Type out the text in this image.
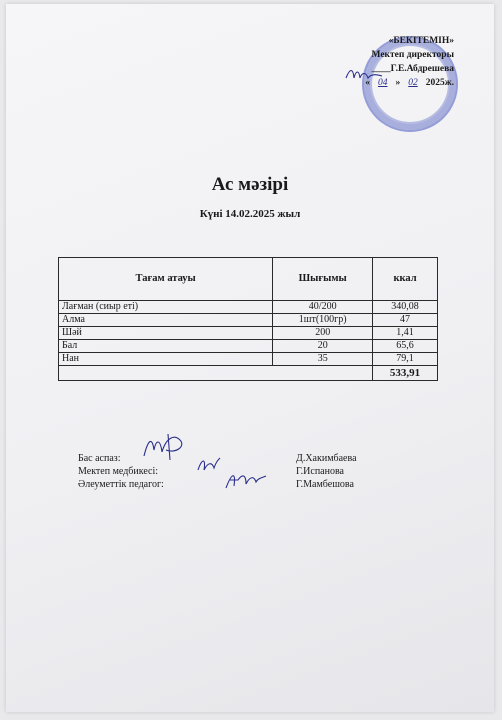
«БЕКІТЕМІН»
Мектеп директоры
____Г.Е.Абдрешева
« 04 » 02 2025ж.
Ас мәзірі
Күні 14.02.2025 жыл
Тағам атауы	Шығымы	ккал
Лағман (сиыр еті)	40/200	340,08
Алма	1шт(100гр)	47
Шәй	200	1,41
Бал	20	65,6
Нан	35	79,1
		533,91
Бас аспаз:	Д.Хакимбаева
Мектеп медбикесі:	Г.Испанова
Әлеуметтік педагог:	Г.Мамбешова
